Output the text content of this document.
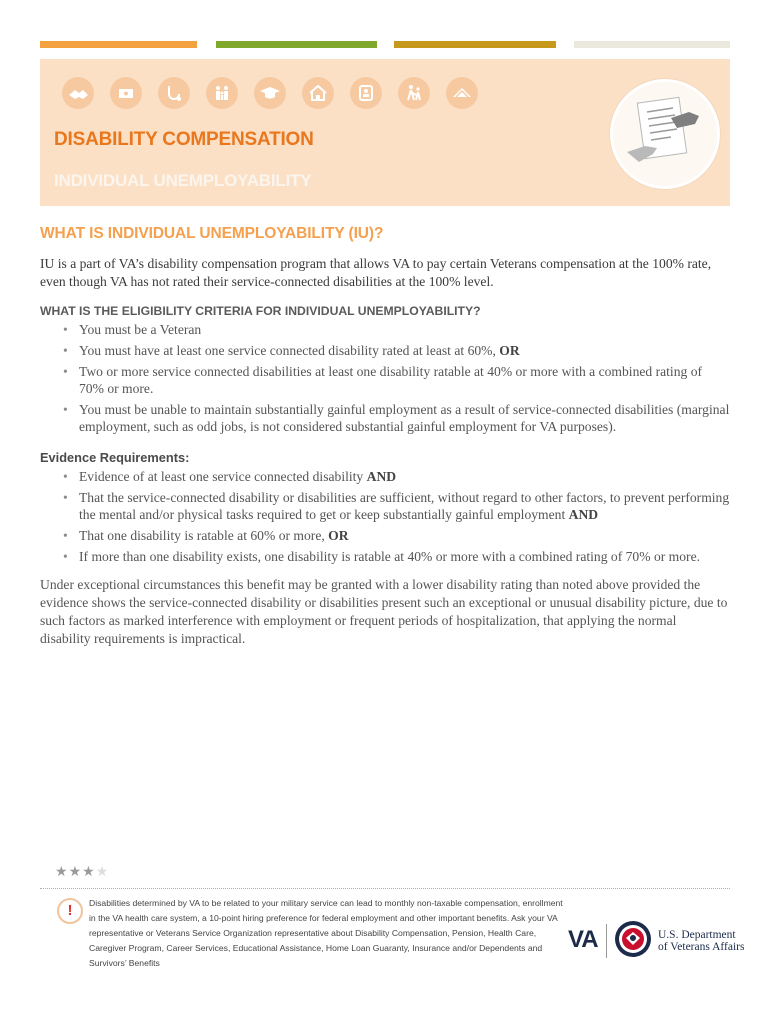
DISABILITY COMPENSATION
INDIVIDUAL UNEMPLOYABILITY
WHAT IS INDIVIDUAL UNEMPLOYABILITY (IU)?

IU is a part of VA’s disability compensation program that allows VA to pay certain Veterans compensation at the 100% rate, even though VA has not rated their service-connected disabilities at the 100% level.

WHAT IS THE ELIGIBILITY CRITERIA FOR INDIVIDUAL UNEMPLOYABILITY?
• You must be a Veteran
• You must have at least one service connected disability rated at least at 60%, OR
• Two or more service connected disabilities at least one disability ratable at 40% or more with a combined rating of 70% or more.
• You must be unable to maintain substantially gainful employment as a result of service-connected disabilities (marginal employment, such as odd jobs, is not considered substantial gainful employment for VA purposes).
Evidence Requirements:
• Evidence of at least one service connected disability AND
• That the service-connected disability or disabilities are sufficient, without regard to other factors, to prevent performing the mental and/or physical tasks required to get or keep substantially gainful employment AND
• That one disability is ratable at 60% or more, OR
• If more than one disability exists, one disability is ratable at 40% or more with a combined rating of 70% or more.

Under exceptional circumstances this benefit may be granted with a lower disability rating than noted above provided the evidence shows the service-connected disability or disabilities present such an exceptional or unusual disability picture, due to such factors as marked interference with employment or frequent periods of hospitalization, that applying the normal disability requirements is impractical.

★★★★
!	Disabilities determined by VA to be related to your military service can lead to monthly non-taxable compensation, enrollment in the VA health care system, a 10-point hiring preference for federal employment and other important benefits. Ask your VA representative or Veterans Service Organization representative about Disability Compensation, Pension, Health Care, Caregiver Program, Career Services, Educational Assistance, Home Loan Guaranty, Insurance and/or Dependents and Survivors’ Benefits
VA	U.S. Department
of Veterans Affairs
